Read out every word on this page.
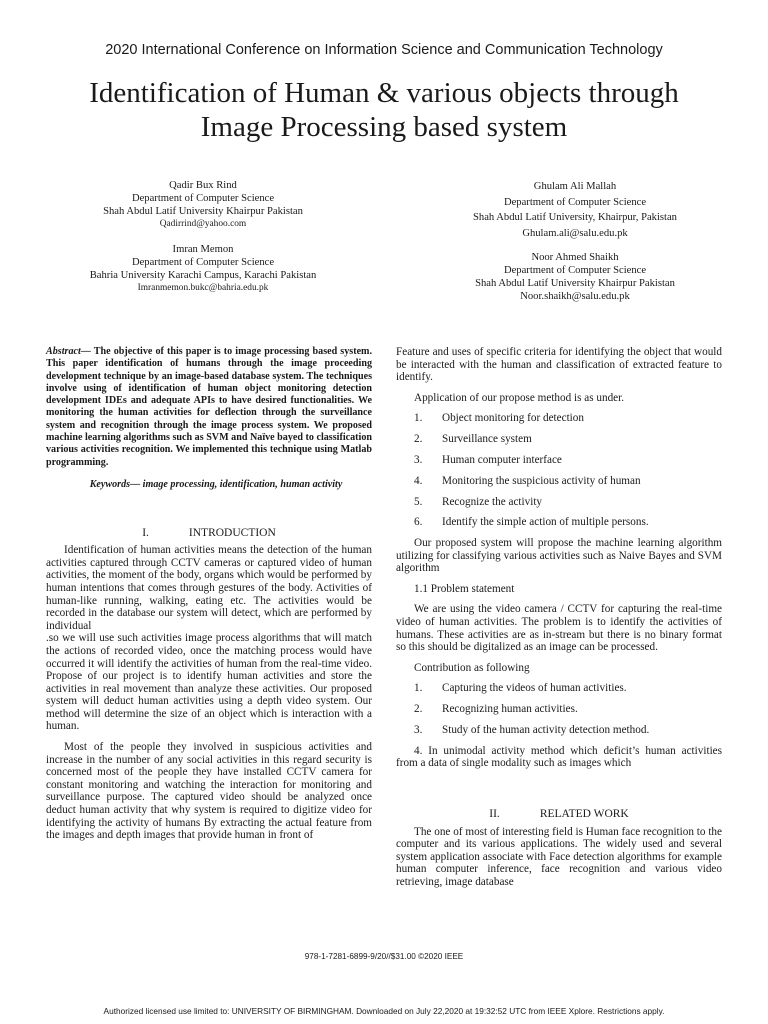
2020 International Conference on Information Science and Communication Technology
Identification of Human & various objects through
Image Processing based system
Qadir Bux Rind
Department of Computer Science
Shah Abdul Latif University Khairpur Pakistan
Qadirrind@yahoo.com
Imran Memon
Department of Computer Science
Bahria University Karachi Campus, Karachi Pakistan
Imranmemon.bukc@bahria.edu.pk
Ghulam Ali Mallah
Department of Computer Science
Shah Abdul Latif University, Khairpur, Pakistan
Ghulam.ali@salu.edu.pk
Noor Ahmed Shaikh
Department of Computer Science
Shah Abdul Latif University Khairpur Pakistan
Noor.shaikh@salu.edu.pk

Abstract— The objective of this paper is to image processing based system. This paper identification of humans through the image proceeding development technique by an image-based database system. The techniques involve using of identification of human object monitoring detection development IDEs and adequate APIs to have desired functionalities. We monitoring the human activities for deflection through the surveillance system and recognition through the image process system. We proposed machine learning algorithms such as SVM and Naïve bayed to classification various activities recognition. We implemented this technique using Matlab programming.

Keywords— image processing, identification, human activity
I.	INTRODUCTION

Identification of human activities means the detection of the human activities captured through CCTV cameras or captured video of human activities, the moment of the body, organs which would be performed by human intentions that comes through gestures of the body. Activities of human-like running, walking, eating etc. The activities would be recorded in the database our system will detect, which are performed by individual

.so we will use such activities image process algorithms that will match the actions of recorded video, once the matching process would have occurred it will identify the activities of human from the real-time video. Propose of our project is to identify human activities and store the activities in real movement than analyze these activities. Our proposed system will deduct human activities using a depth video system. Our method will determine the size of an object which is interaction with a human.

Most of the people they involved in suspicious activities and increase in the number of any social activities in this regard security is concerned most of the people they have installed CCTV camera for constant monitoring and watching the interaction for monitoring and surveillance purpose. The captured video should be analyzed once deduct human activity that why system is required to digitize video for identifying the activity of humans By extracting the actual feature from the images and depth images that provide human in front of

Feature and uses of specific criteria for identifying the object that would be interacted with the human and classification of extracted feature to identify.

Application of our propose method is as under.

1.	Object monitoring for detection
2.	Surveillance system
3.	Human computer interface
4.	Monitoring the suspicious activity of human
5.	Recognize the activity
6.	Identify the simple action of multiple persons.

Our proposed system will propose the machine learning algorithm utilizing for classifying various activities such as Naive Bayes and SVM algorithm

1.1 Problem statement

We are using the video camera / CCTV for capturing the real-time video of human activities. The problem is to identify the activities of humans. These activities are as in-stream but there is no binary format so this should be digitalized as an image can be processed.

Contribution as following

1.	Capturing the videos of human activities.
2.	Recognizing human activities.
3.	Study of the human activity detection method.

4. In unimodal activity method which deficit’s human activities from a data of single modality such as images which

II.	RELATED WORK

The one of most of interesting field is Human face recognition to the computer and its various applications. The widely used and several system application associate with Face detection algorithms for example human computer inference, face recognition and various video retrieving, image database

978-1-7281-6899-9/20//$31.00 ©2020 IEEE
Authorized licensed use limited to: UNIVERSITY OF BIRMINGHAM. Downloaded on July 22,2020 at 19:32:52 UTC from IEEE Xplore. Restrictions apply.
